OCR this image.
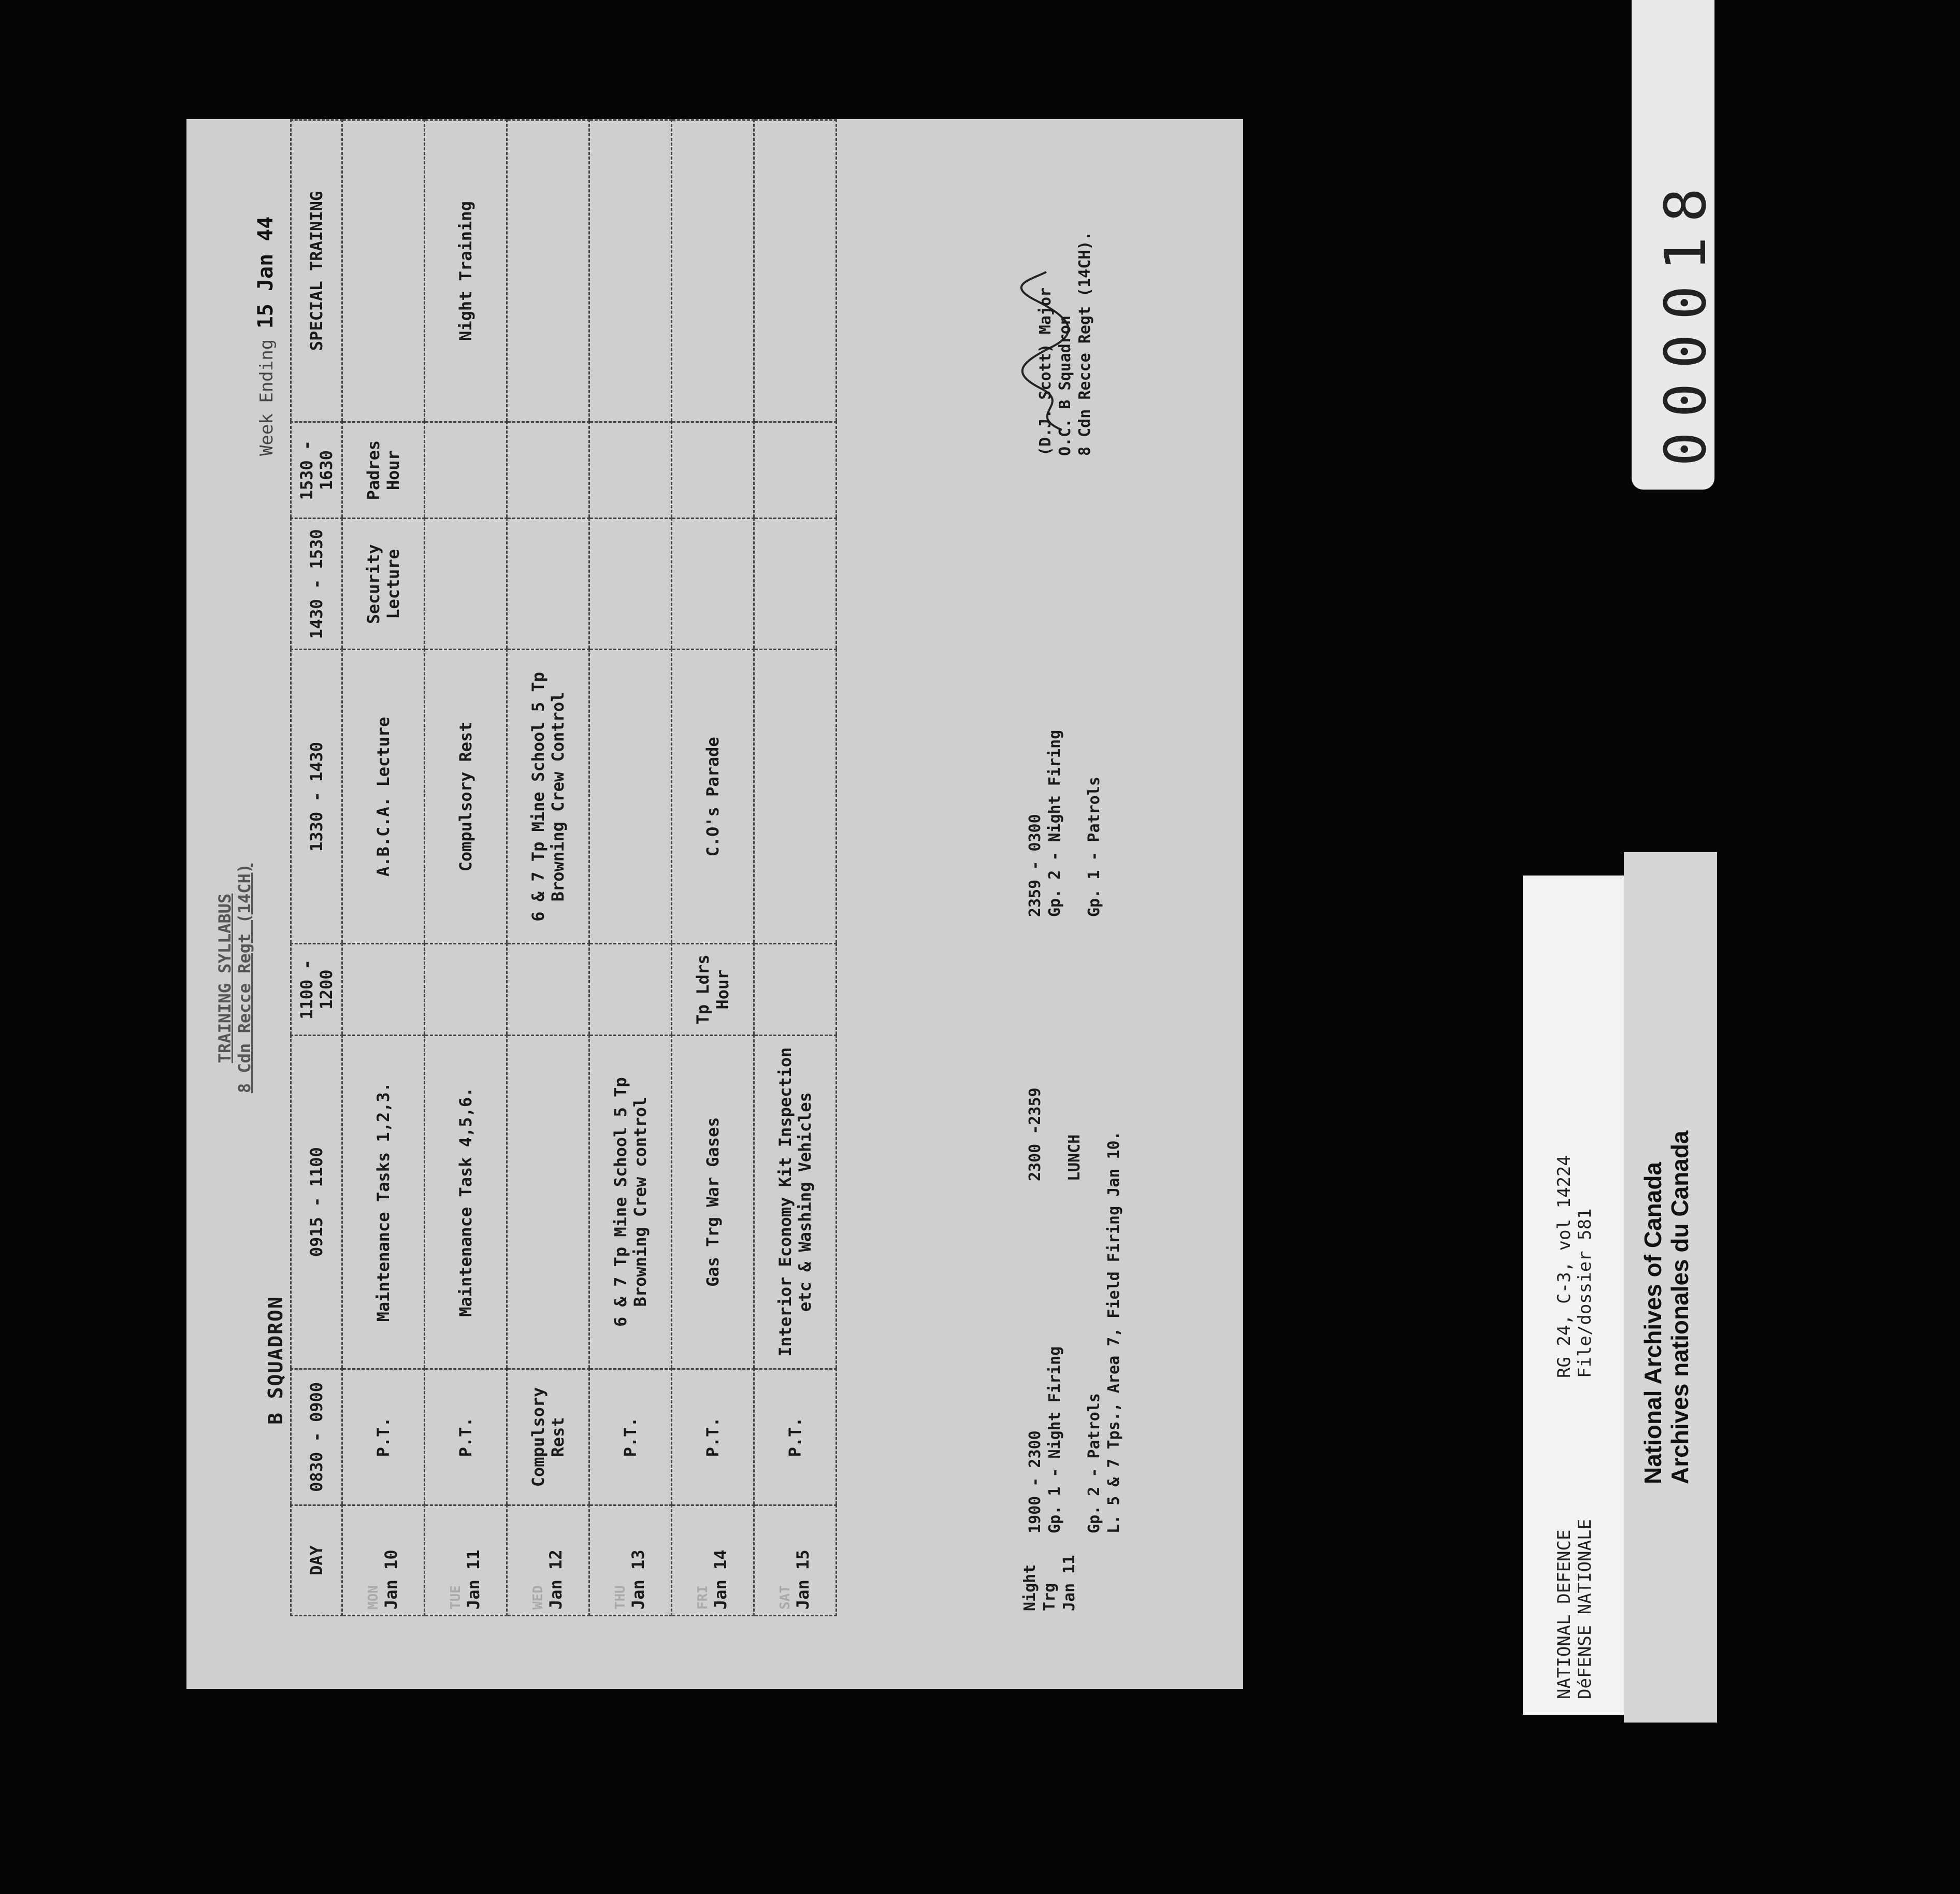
TRAINING SYLLABUS 8 Cdn Recce Regt (14CH)
B SQUADRON
Week Ending 15 Jan 44
DAY	0830 - 0900	0915 - 1100	1100 - 1200	1330 - 1430	1430 - 1530	1530 - 1630	SPECIAL TRAINING

MON Jan 10	P.T.	Maintenance Tasks 1,2,3.		A.B.C.A. Lecture	Security Lecture	Padres Hour	

TUE Jan 11	P.T.	Maintenance Task 4,5,6.		Compulsory Rest			Night Training

WED Jan 12	Compulsory Rest			6 & 7 Tp Mine School 5 Tp Browning Crew Control			

THU Jan 13	P.T.	6 & 7 Tp Mine School 5 Tp Browning Crew control					

FRI Jan 14	P.T.	Gas Trg War Gases	Tp Ldrs Hour	C.O's Parade			

SAT Jan 15	P.T.	Interior Economy Kit Inspection etc & Washing Vehicles					
Night
Trg
Jan 11
1900 - 2300
Gp. 1 - Night Firing

Gp. 2 - Patrols
L. 5 & 7 Tps., Area 7, Field Firing Jan 10.
2300 -2359

LUNCH
2359 - 0300
Gp. 2 - Night Firing

Gp. 1 - Patrols
(D.J. Scott) Major
O.C. B Squadron
8 Cdn Recce Regt (14CH).	000018
NATIONAL DEFENCE DéFENSE NATIONALE
RG 24, C-3, vol 14224 File/dossier 581 National Archives of Canada Archives nationales du Canada
